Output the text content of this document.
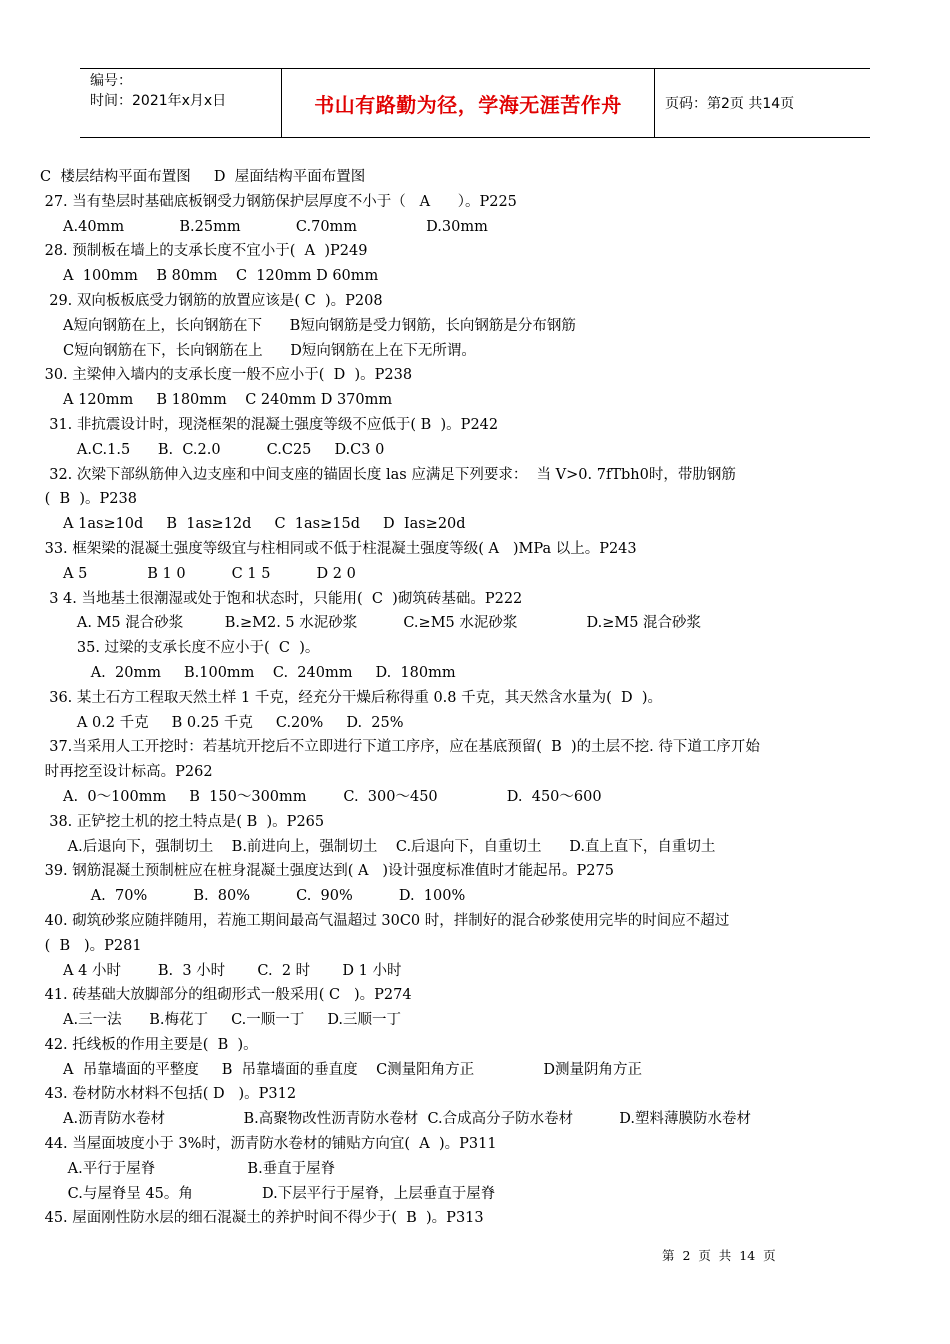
编号：
时间：2021年x月x日	书山有路勤为径，学海无涯苦作舟	页码：第2页 共14页
C  楼层结构平面布置图     D  屋面结构平面布置图
27. 当有垫层时基础底板钢受力钢筋保护层厚度不小于（   A      ）。P225
A.40mm            B.25mm            C.70mm               D.30mm
28. 预制板在墙上的支承长度不宜小于(  A  )P249
A  100mm    B 80mm    C  120mm D 60mm
29. 双向板板底受力钢筋的放置应该是( C  )。P208
A短向钢筋在上，长向钢筋在下      B短向钢筋是受力钢筋，长向钢筋是分布钢筋
C短向钢筋在下，长向钢筋在上      D短向钢筋在上在下无所谓。
30. 主梁伸入墙内的支承长度一般不应小于(  D  )。P238
A 120mm     B 180mm    C 240mm D 370mm
31. 非抗震设计时，现浇框架的混凝土强度等级不应低于( B  )。P242
A.C.1.5      B.  C.2.0          C.C25     D.C3 0
32. 次梁下部纵筋伸入边支座和中间支座的锚固长度 las 应满足下列要求：  当 V>0. 7fTbh0时，带肋钢筋
(  B  )。P238
A 1as≥10d     B  1as≥12d     C  1as≥15d     D  Ias≥20d
33. 框架梁的混凝土强度等级宜与柱相同或不低于柱混凝土强度等级( A   )MPa 以上。P243
A 5             B 1 0          C 1 5          D 2 0
3 4. 当地基土很潮湿或处于饱和状态时，只能用(  C  )砌筑砖基础。P222
A. M5 混合砂浆         B.≥M2. 5 水泥砂浆          C.≥M5 水泥砂浆               D.≥M5 混合砂浆
35. 过梁的支承长度不应小于(  C  )。
A.  20mm     B.100mm    C.  240mm     D.  180mm
36. 某土石方工程取天然土样 1 千克，经充分干燥后称得重 0.8 千克，其天然含水量为(  D  )。
A 0.2 千克     B 0.25 千克     C.20%     D.  25%
37.当采用人工开挖时：若基坑开挖后不立即进行下道工序序，应在基底预留(  B  )的土层不挖. 待下道工序丌始
时再挖至设计标高。P262
A.  0～100mm     B  150～300mm        C.  300～450               D.  450～600
38. 正铲挖土机的挖土特点是( B  )。P265
A.后退向下，强制切土    B.前进向上，强制切土    C.后退向下，自重切土      D.直上直下，自重切土
39. 钢筋混凝土预制桩应在桩身混凝土强度达到( A   )设计强度标准值时才能起吊。P275
A.  70%          B.  80%          C.  90%          D.  100%
40. 砌筑砂浆应随拌随用，若施工期间最高气温超过 30C0 时，拌制好的混合砂浆使用完毕的时间应不超过
(  B   )。P281
A 4 小时        B.  3 小时       C.  2 时       D 1 小时
41. 砖基础大放脚部分的组砌形式一般采用( C   )。P274
A.三一法      B.梅花丁     C.一顺一丁     D.三顺一丁
42. 托线板的作用主要是(  B  )。
A  吊靠墙面的平整度     B  吊靠墙面的垂直度    C测量阳角方正               D测量阴角方正
43. 卷材防水材料不包括( D   )。P312
A.沥青防水卷材                 B.高聚物改性沥青防水卷材  C.合成高分子防水卷材          D.塑料薄膜防水卷材
44. 当屋面坡度小于 3%时，沥青防水卷材的铺贴方向宜(  A  )。P311
A.平行于屋脊                    B.垂直于屋脊
C.与屋脊呈 45。角               D.下层平行于屋脊，上层垂直于屋脊
45. 屋面刚性防水层的细石混凝土的养护时间不得少于(  B  )。P313
第  2  页  共  14  页
